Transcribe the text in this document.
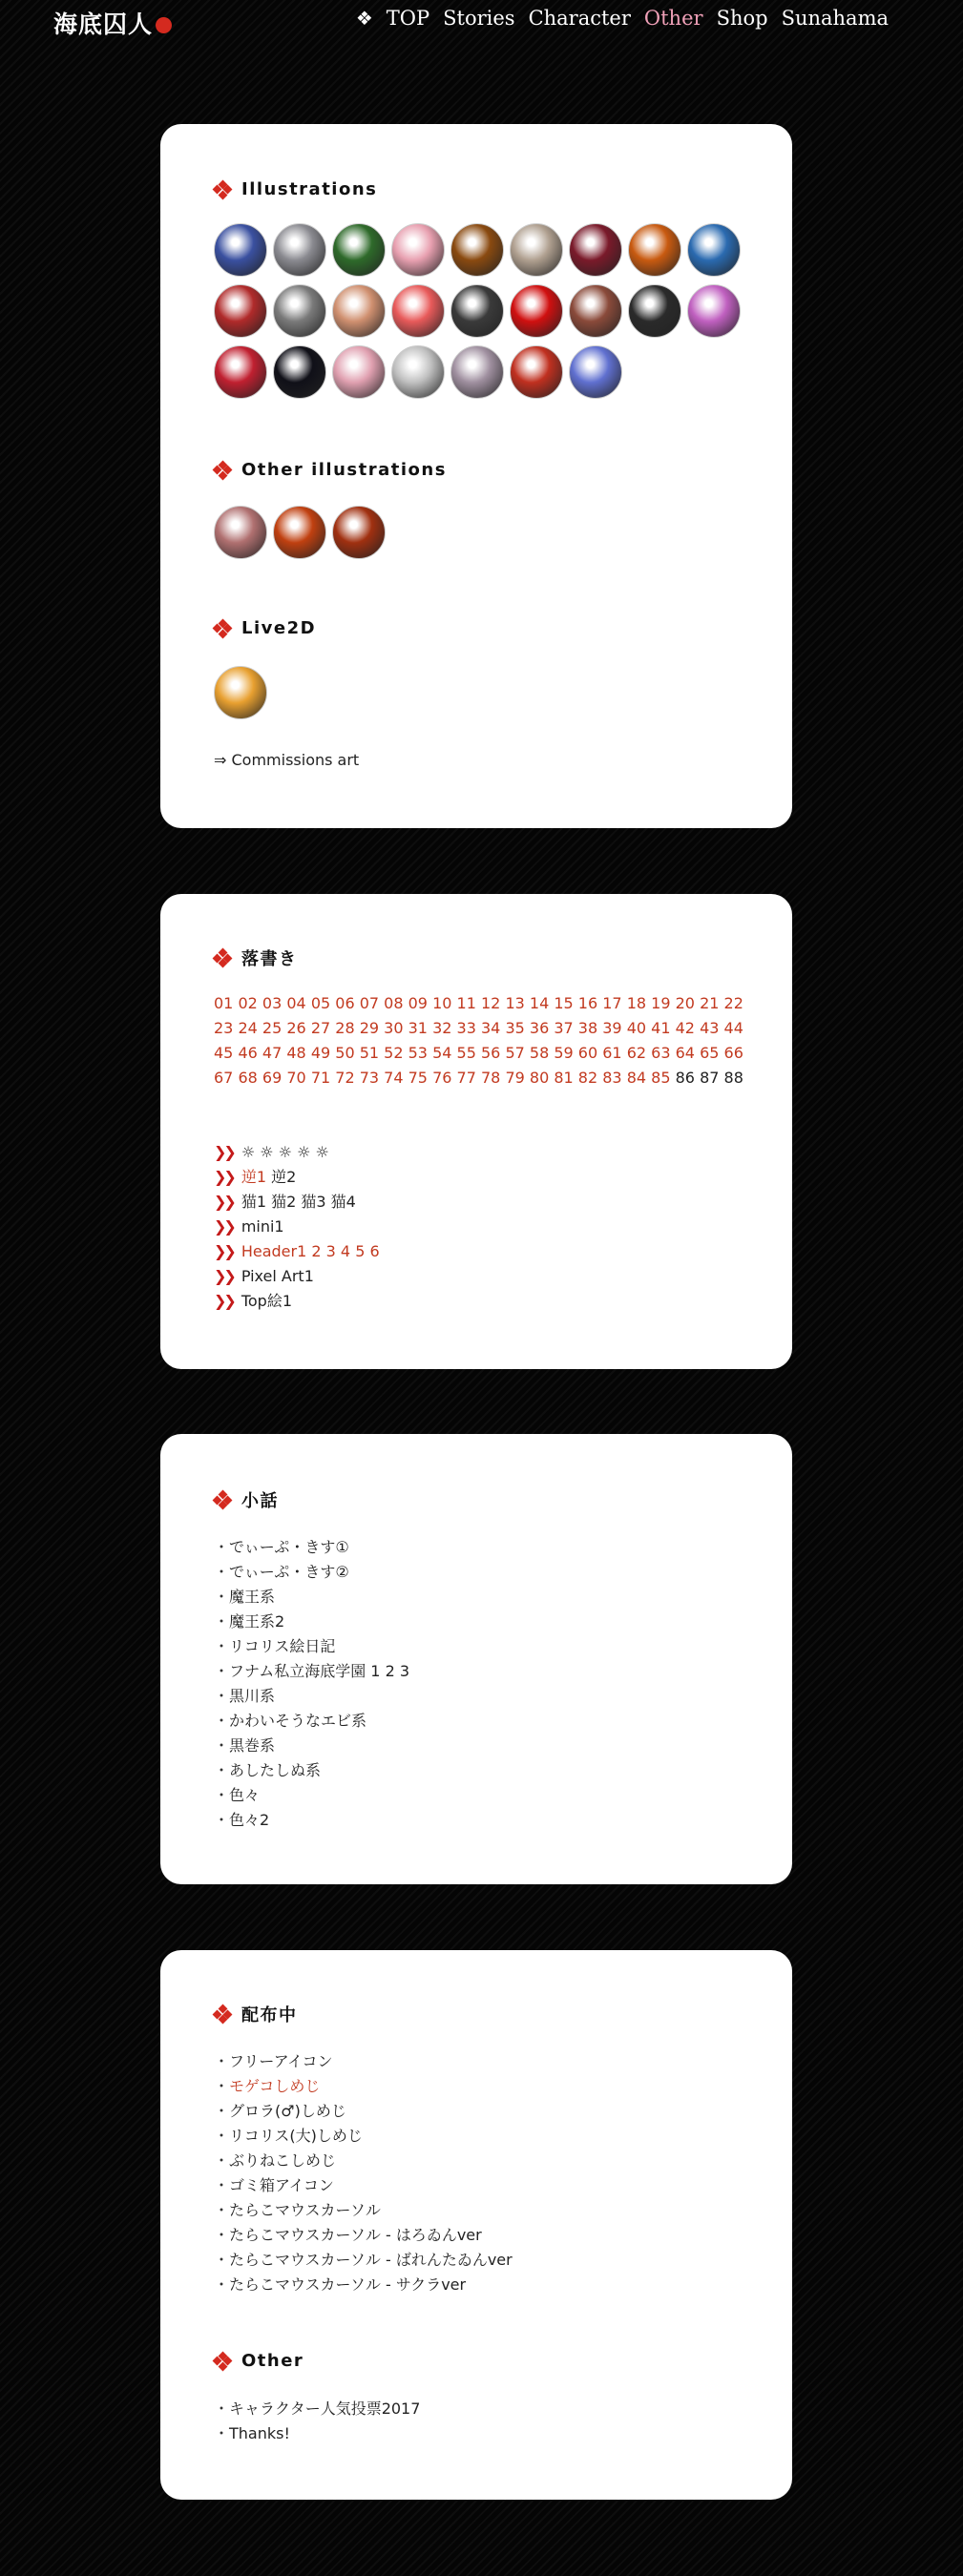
海底囚人	❖ TOP Stories Character Other Shop Sunahama
Illustrations
Other illustrations
Live2D
⇒ Commissions art
落書き
01 02 03 04 05 06 07 08 09 10 11 12 13 14 15 16 17 18 19 20 21 22 23 24 25 26 27 28 29 30 31 32 33 34 35 36 37 38 39 40 41 42 43 44 45 46 47 48 49 50 51 52 53 54 55 56 57 58 59 60 61 62 63 64 65 66 67 68 69 70 71 72 73 74 75 76 77 78 79 80 81 82 83 84 85 86 87 88
❯❯ ☼ ☼ ☼ ☼ ☼
❯❯ 逆1 逆2
❯❯ 猫1 猫2 猫3 猫4
❯❯ mini1
❯❯ Header1 2 3 4 5 6
❯❯ Pixel Art1
❯❯ Top絵1
小話
・ でぃーぷ・きす①
・ でぃーぷ・きす②
・ 魔王系
・ 魔王系2
・ リコリス絵日記
・ フナム私立海底学園 1 2 3
・ 黒川系
・ かわいそうなエビ系
・ 黒巻系
・ あしたしぬ系
・ 色々
・ 色々2
配布中
・ フリーアイコン
・ モゲコしめじ
・ グロラ(♂)しめじ
・ リコリス(大)しめじ
・ ぶりねこしめじ
・ ゴミ箱アイコン
・ たらこマウスカーソル
・ たらこマウスカーソル - はろゐんver
・ たらこマウスカーソル - ばれんたゐんver
・ たらこマウスカーソル - サクラver
Other
・ キャラクター人気投票2017
・ Thanks!
